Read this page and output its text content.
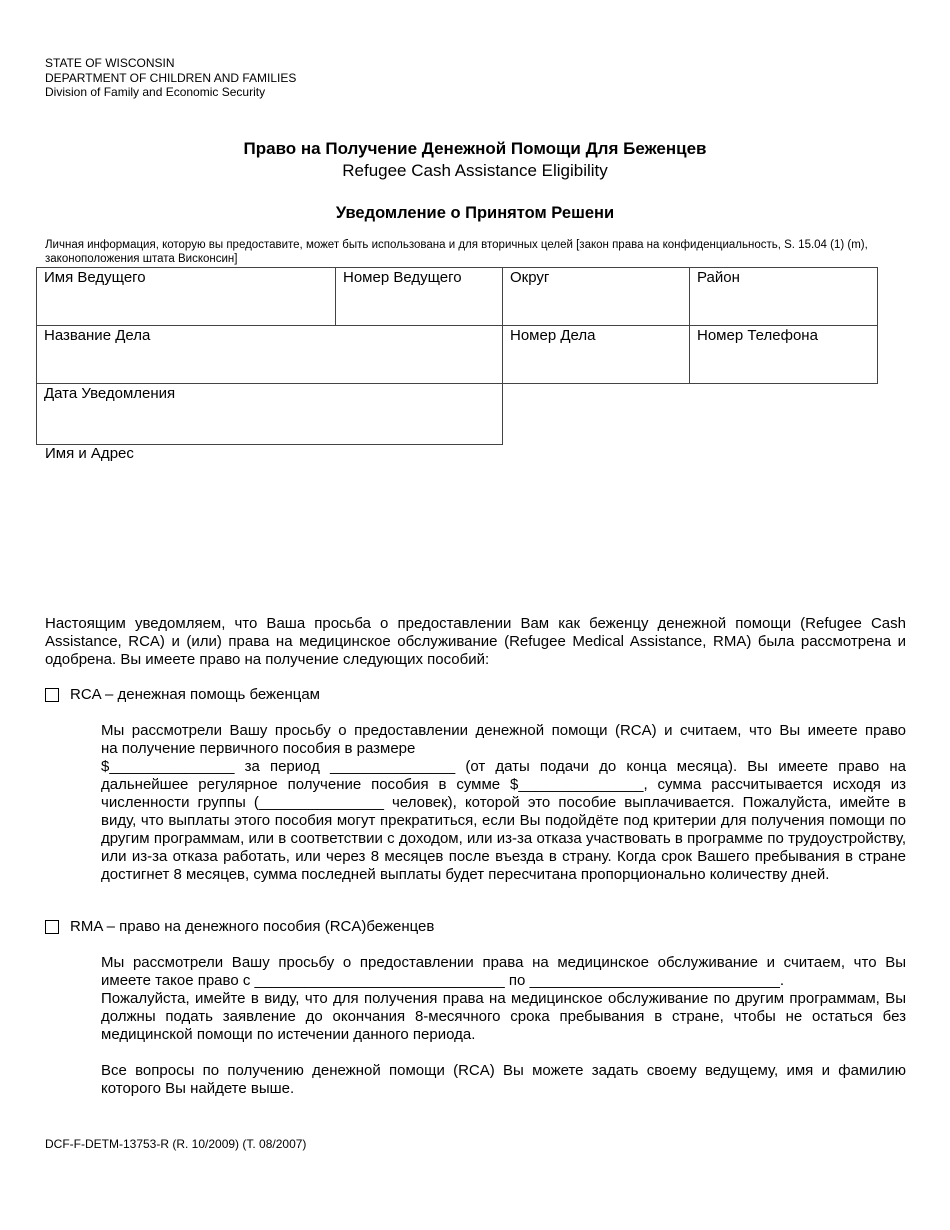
STATE OF WISCONSIN
DEPARTMENT OF CHILDREN AND FAMILIES
Division of Family and Economic Security
Право на Получение Денежной Помощи Для Беженцев
Refugee Cash Assistance Eligibility
Уведомление о Принятом Решени
Личная информация, которую вы предоставите, может быть использована и для вторичных целей [закон права на конфиденциальность, S. 15.04 (1) (m), законоположения штата Висконсин]
Имя Ведущего	Номер Ведущего	Округ	Район
Название Дела	Номер Дела	Номер Телефона
Дата Уведомления
Имя и Адрес
Настоящим уведомляем, что Ваша просьба о предоставлении Вам как беженцу денежной помощи (Refugee Cash Assistance, RCA) и (или) права на медицинское обслуживание (Refugee Medical Assistance, RMA) была рассмотрена и одобрена. Вы имеете право на получение следующих пособий:
RCA – денежная помощь беженцам
Мы рассмотрели Вашу просьбу о предоставлении денежной помощи (RCA) и считаем, что Вы имеете право
на получение первичного пособия в размере
$_______________ за период _______________ (от даты подачи до конца месяца). Вы имеете право на дальнейшее регулярное получение пособия в сумме $_______________, сумма рассчитывается исходя из численности группы (_______________ человек), которой это пособие выплачивается. Пожалуйста, имейте в виду, что выплаты этого пособия могут прекратиться, если Вы подойдёте под критерии для получения помощи по другим программам, или в соответствии с доходом, или из-за отказа участвовать в программе по трудоустройству, или из-за отказа работать, или через 8 месяцев после въезда в страну. Когда срок Вашего пребывания в стране достигнет 8 месяцев, сумма последней выплаты будет пересчитана пропорционально количеству дней.
RMA – право на денежного пособия (RCA)беженцев
Мы рассмотрели Вашу просьбу о предоставлении права на медицинское обслуживание и считаем, что Вы
имеете такое право с ______________________________ по ______________________________.
Пожалуйста, имейте в виду, что для получения права на медицинское обслуживание по другим программам, Вы должны подать заявление до окончания 8-месячного срока пребывания в стране, чтобы не остаться без медицинской помощи по истечении данного периода.
Все вопросы по получению денежной помощи (RCA) Вы можете задать своему ведущему, имя и фамилию которого Вы найдете выше.
DCF-F-DETM-13753-R (R. 10/2009) (T. 08/2007)
